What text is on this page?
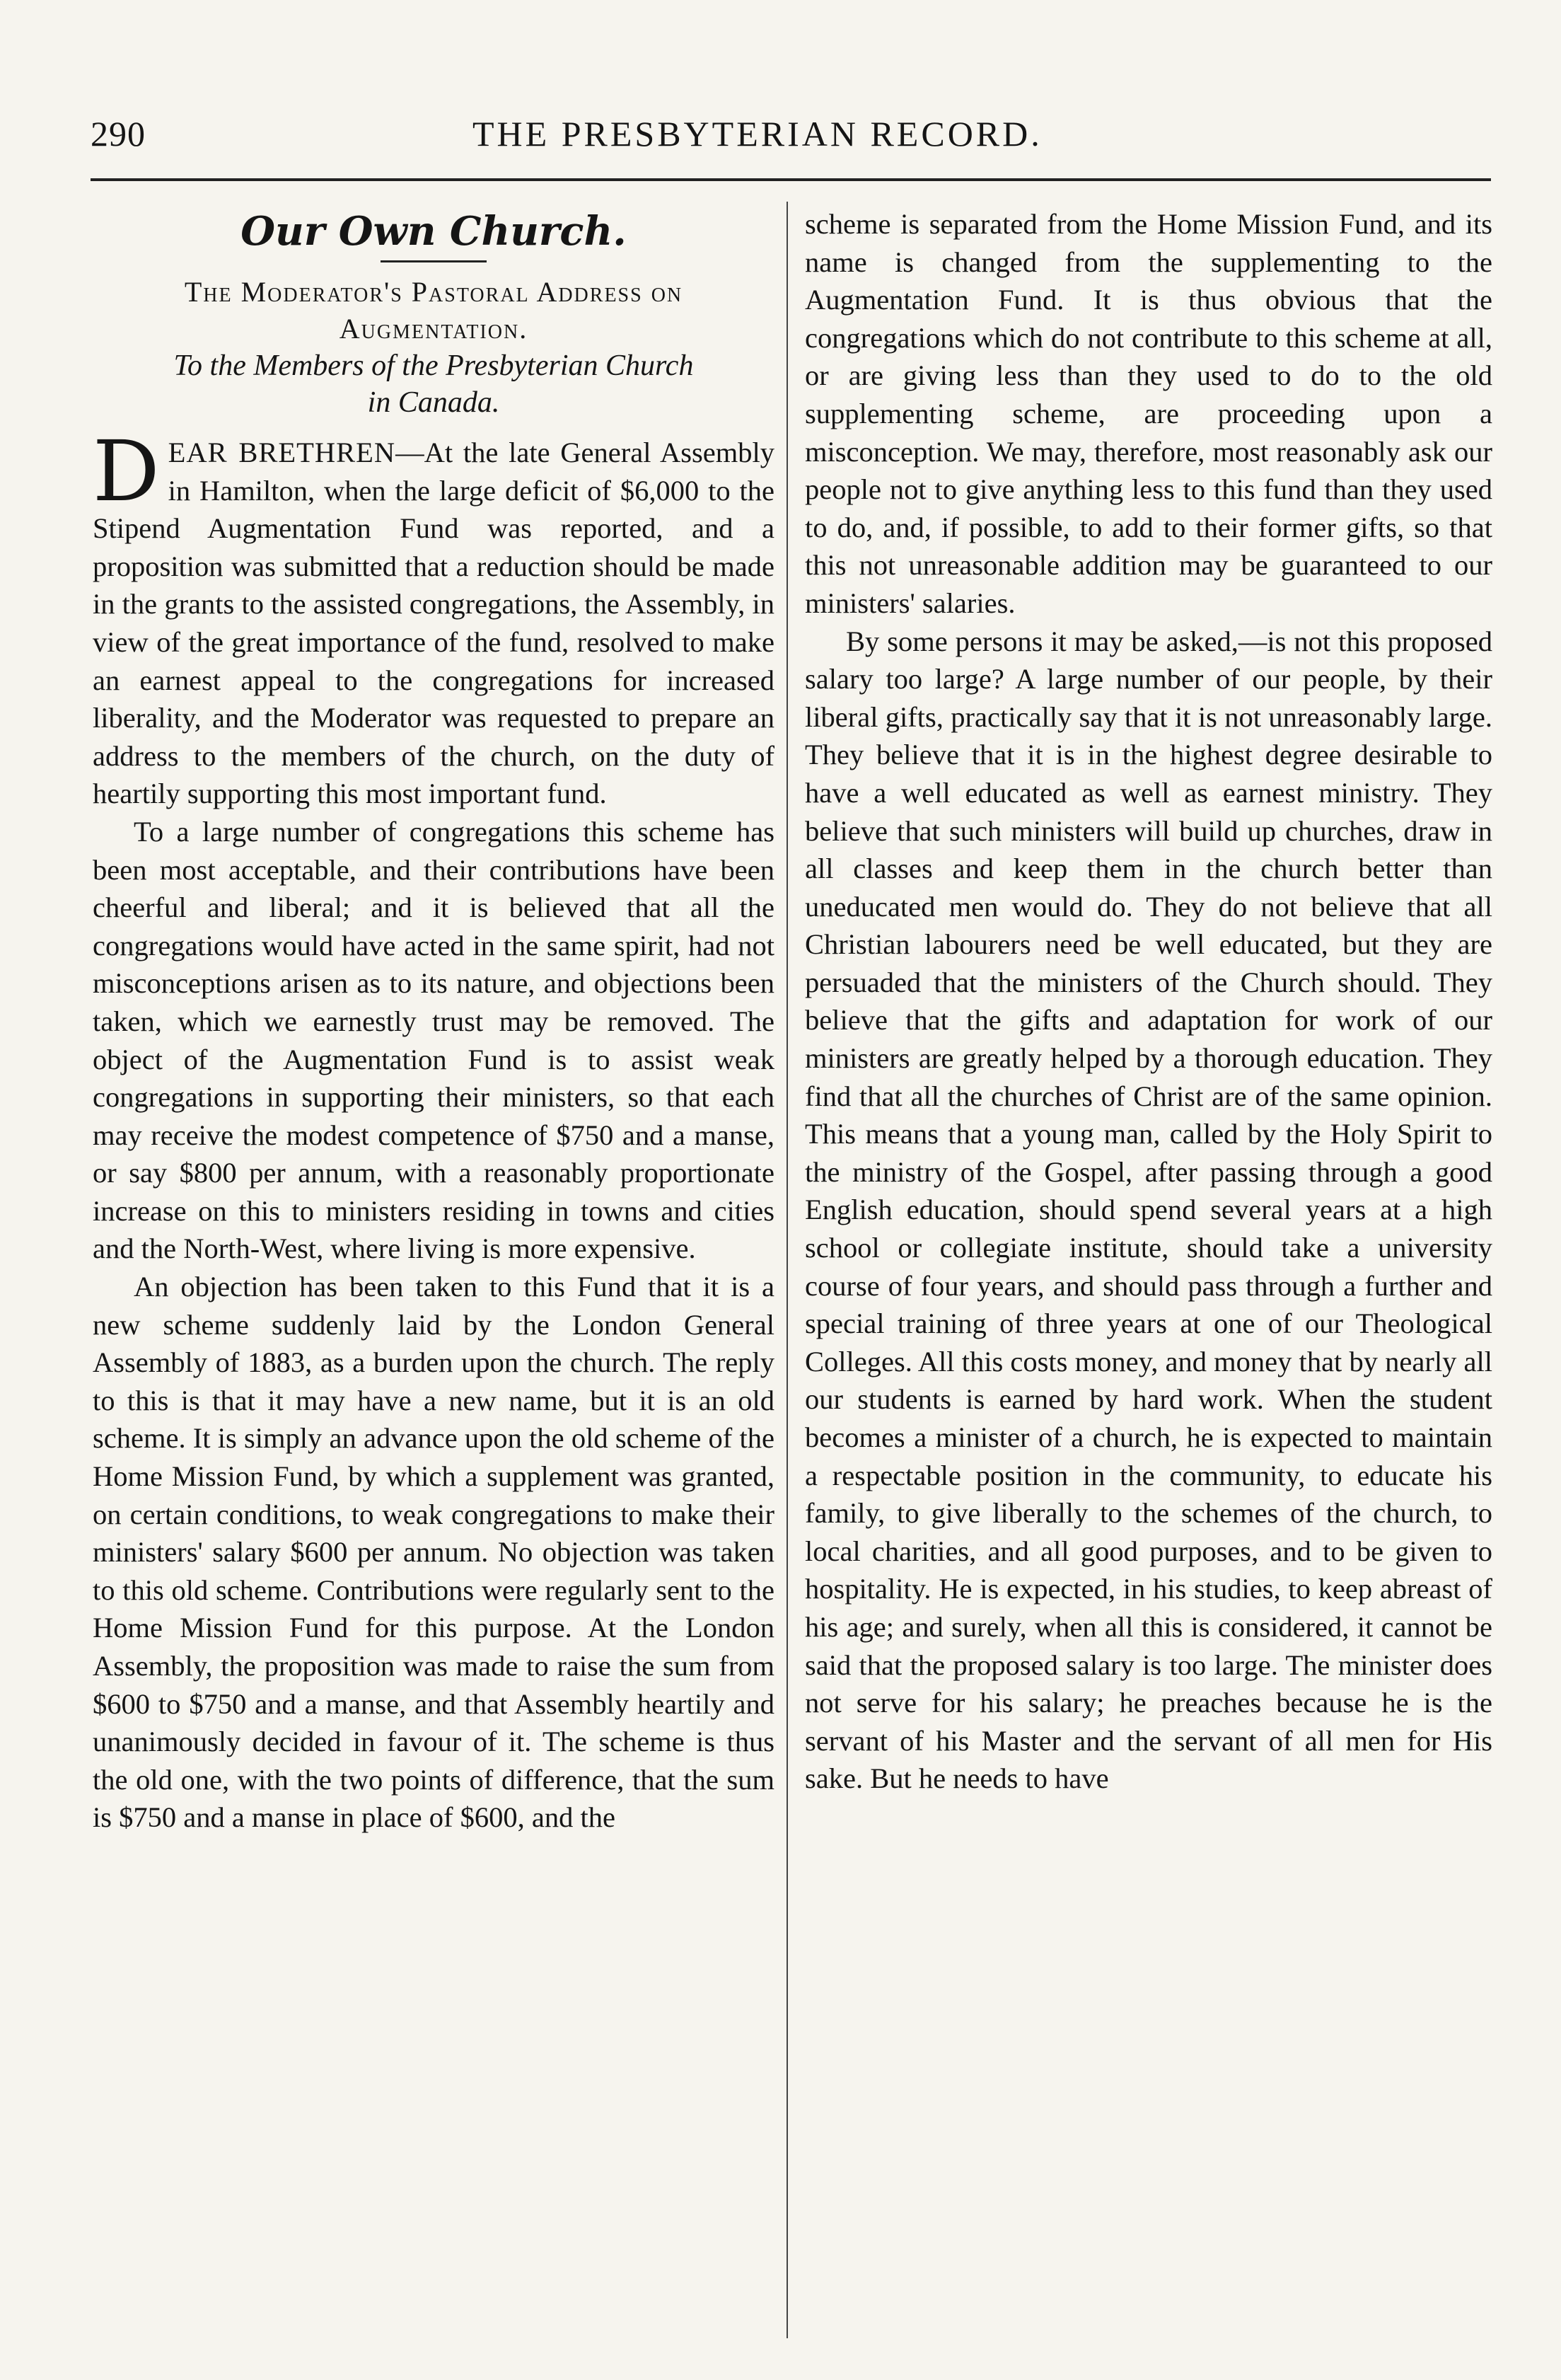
290	THE PRESBYTERIAN RECORD.
Our Own Church.

The Moderator's Pastoral Address on Augmentation.

To the Members of the Presbyterian Church
in Canada.

DEAR BRETHREN—At the late General Assembly in Hamilton, when the large deficit of $6,000 to the Stipend Augmentation Fund was reported, and a proposition was submitted that a reduction should be made in the grants to the assisted congregations, the Assembly, in view of the great importance of the fund, resolved to make an earnest appeal to the congregations for increased liberality, and the Moderator was requested to prepare an address to the members of the church, on the duty of heartily supporting this most important fund.

To a large number of congregations this scheme has been most acceptable, and their contributions have been cheerful and liberal; and it is believed that all the congregations would have acted in the same spirit, had not misconceptions arisen as to its nature, and objections been taken, which we earnestly trust may be removed. The object of the Augmentation Fund is to assist weak congregations in supporting their ministers, so that each may receive the modest competence of $750 and a manse, or say $800 per annum, with a reasonably proportionate increase on this to ministers residing in towns and cities and the North-West, where living is more expensive.

An objection has been taken to this Fund that it is a new scheme suddenly laid by the London General Assembly of 1883, as a burden upon the church. The reply to this is that it may have a new name, but it is an old scheme. It is simply an advance upon the old scheme of the Home Mission Fund, by which a supplement was granted, on certain conditions, to weak congregations to make their ministers' salary $600 per annum. No objection was taken to this old scheme. Contributions were regularly sent to the Home Mission Fund for this purpose. At the London Assembly, the proposition was made to raise the sum from $600 to $750 and a manse, and that Assembly heartily and unanimously decided in favour of it. The scheme is thus the old one, with the two points of difference, that the sum is $750 and a manse in place of $600, and the

scheme is separated from the Home Mission Fund, and its name is changed from the supplementing to the Augmentation Fund. It is thus obvious that the congregations which do not contribute to this scheme at all, or are giving less than they used to do to the old supplementing scheme, are proceeding upon a misconception. We may, therefore, most reasonably ask our people not to give anything less to this fund than they used to do, and, if possible, to add to their former gifts, so that this not unreasonable addition may be guaranteed to our ministers' salaries.

By some persons it may be asked,—is not this proposed salary too large? A large number of our people, by their liberal gifts, practically say that it is not unreasonably large. They believe that it is in the highest degree desirable to have a well educated as well as earnest ministry. They believe that such ministers will build up churches, draw in all classes and keep them in the church better than uneducated men would do. They do not believe that all Christian labourers need be well educated, but they are persuaded that the ministers of the Church should. They believe that the gifts and adaptation for work of our ministers are greatly helped by a thorough education. They find that all the churches of Christ are of the same opinion. This means that a young man, called by the Holy Spirit to the ministry of the Gospel, after passing through a good English education, should spend several years at a high school or collegiate institute, should take a university course of four years, and should pass through a further and special training of three years at one of our Theological Colleges. All this costs money, and money that by nearly all our students is earned by hard work. When the student becomes a minister of a church, he is expected to maintain a respectable position in the community, to educate his family, to give liberally to the schemes of the church, to local charities, and all good purposes, and to be given to hospitality. He is expected, in his studies, to keep abreast of his age; and surely, when all this is considered, it cannot be said that the proposed salary is too large. The minister does not serve for his salary; he preaches because he is the servant of his Master and the servant of all men for His sake. But he needs to have
